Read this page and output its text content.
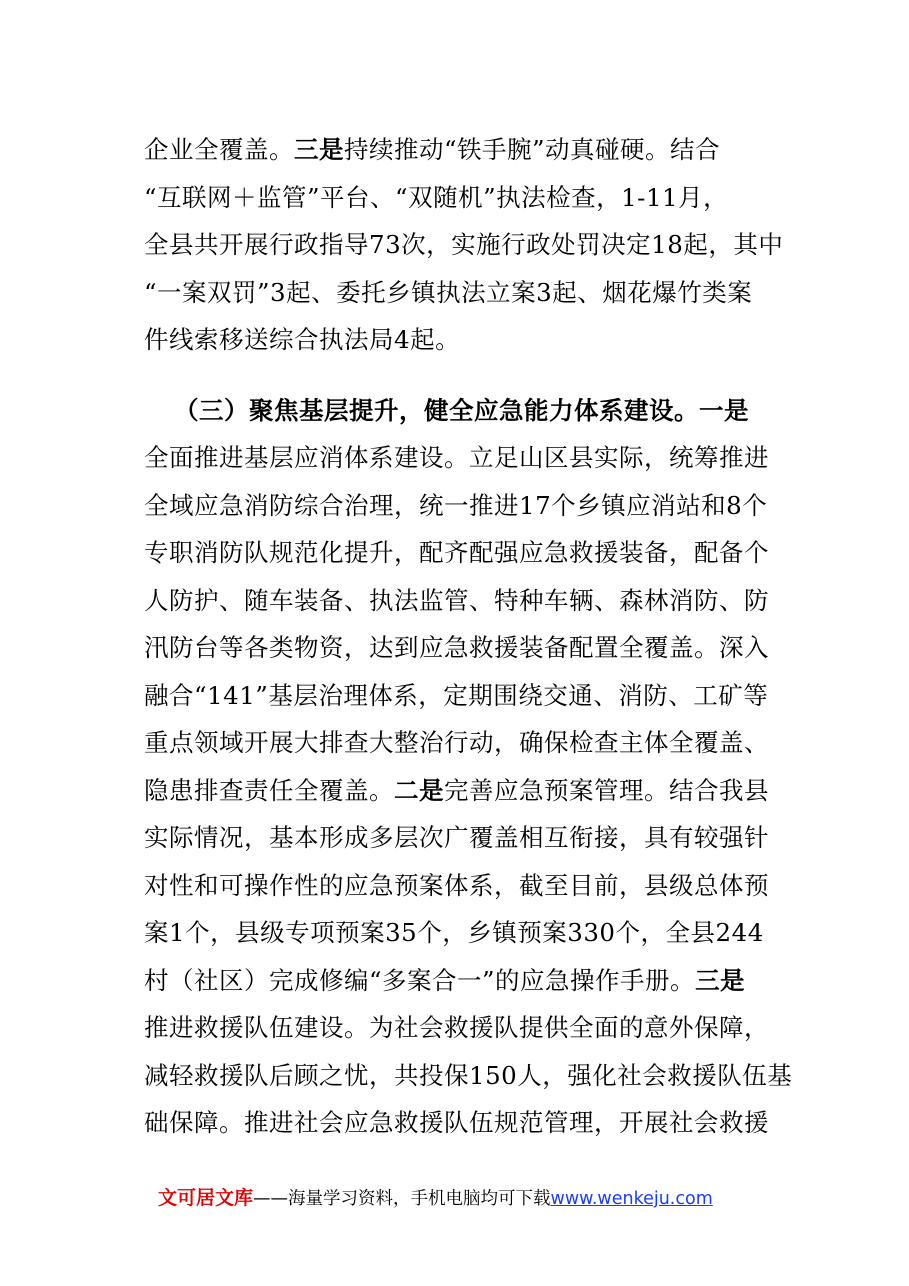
企业全覆盖。三是持续推动“铁手腕”动真碰硬。结合
“互联网＋监管”平台、“双随机”执法检查，1-11月，
全县共开展行政指导73次，实施行政处罚决定18起，其中
“一案双罚”3起、委托乡镇执法立案3起、烟花爆竹类案
件线索移送综合执法局4起。
（三）聚焦基层提升，健全应急能力体系建设。一是
全面推进基层应消体系建设。立足山区县实际，统筹推进
全域应急消防综合治理，统一推进17个乡镇应消站和8个
专职消防队规范化提升，配齐配强应急救援装备，配备个
人防护、随车装备、执法监管、特种车辆、森林消防、防
汛防台等各类物资，达到应急救援装备配置全覆盖。深入
融合“141”基层治理体系，定期围绕交通、消防、工矿等
重点领域开展大排查大整治行动，确保检查主体全覆盖、
隐患排查责任全覆盖。二是完善应急预案管理。结合我县
实际情况，基本形成多层次广覆盖相互衔接，具有较强针
对性和可操作性的应急预案体系，截至目前，县级总体预
案1个，县级专项预案35个，乡镇预案330个，全县244
村（社区）完成修编“多案合一”的应急操作手册。三是
推进救援队伍建设。为社会救援队提供全面的意外保障，
减轻救援队后顾之忧，共投保150人，强化社会救援队伍基
础保障。推进社会应急救援队伍规范管理，开展社会救援
文可居文库——海量学习资料，手机电脑均可下载www.wenkeju.com
